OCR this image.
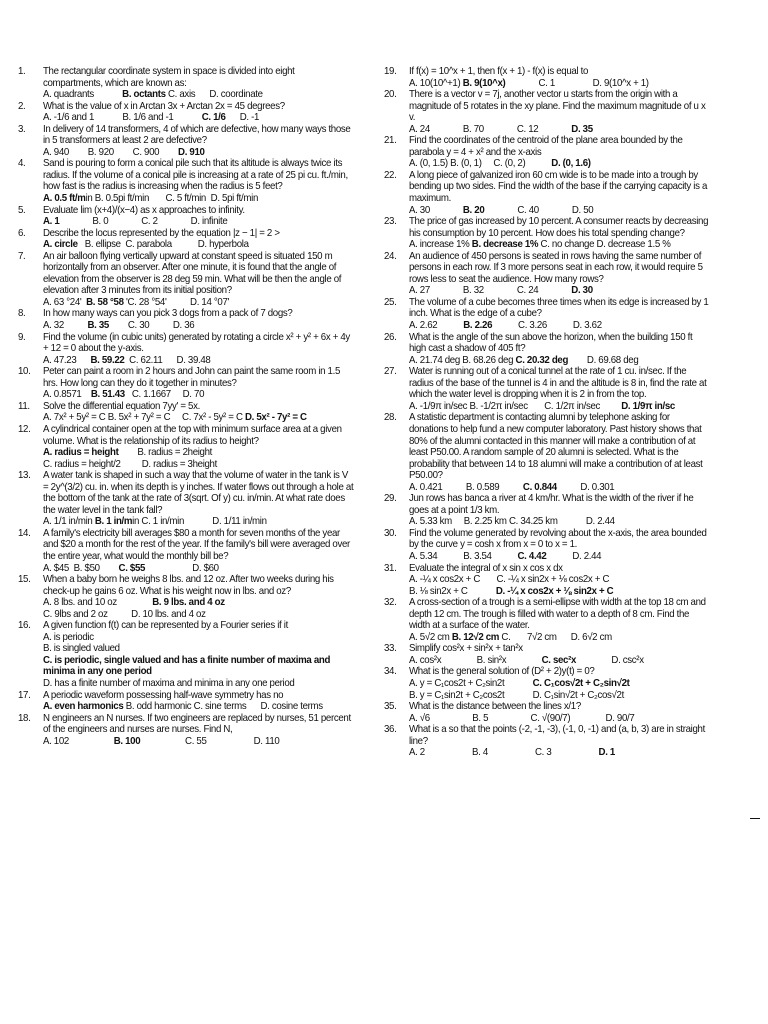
1.	The rectangular coordinate system in space is divided into eight compartments, which are known as:
A. quadrants            B. octants C. axis      D. coordinate
2.	What is the value of x in Arctan 3x + Arctan 2x = 45 degrees?
A. -1/6 and 1            B. 1/6 and -1            C. 1/6      D. -1
3.	In delivery of 14 transformers, 4 of which are defective, how many ways those in 5 transformers at least 2 are defective?
A. 940        B. 920        C. 900        D. 910
4.	Sand is pouring to form a conical pile such that its altitude is always twice its radius. If the volume of a conical pile is increasing at a rate of 25 pi cu. ft./min, how fast is the radius is increasing when the radius is 5 feet?
A. 0.5 ft/min B. 0.5pi ft/min       C. 5 ft/min  D. 5pi ft/min
5.	Evaluate lim (x+4)/(x−4) as x approaches to infinity.
A. 1              B. 0              C. 2              D. infinite
6.	Describe the locus represented by the equation |z − 1| = 2 >
A. circle   B. ellipse  C. parabola           D. hyperbola
7.	An air balloon flying vertically upward at constant speed is situated 150 m horizontally from an observer. After one minute, it is found that the angle of elevation from the observer is 28 deg 59 min. What will be then the angle of elevation after 3 minutes from its initial position?
A. 63 °24'  B. 58 °58 'C. 28 °54'          D. 14 °07'
8.	In how many ways can you pick 3 dogs from a pack of 7 dogs?
A. 32          B. 35        C. 30          D. 36
9.	Find the volume (in cubic units) generated by rotating a circle x² + y² + 6x + 4y + 12 = 0 about the y-axis.
A. 47.23      B. 59.22  C. 62.11      D. 39.48
10.	Peter can paint a room in 2 hours and John can paint the same room in 1.5 hrs. How long can they do it together in minutes?
A. 0.8571    B. 51.43   C. 1.1667     D. 70
11.	Solve the differential equation 7yy' = 5x.
A. 7x² + 5y² = C B. 5x² + 7y² = C     C. 7x² - 5y² = C D. 5x² - 7y² = C
12.	A cylindrical container open at the top with minimum surface area at a given volume. What is the relationship of its radius to height?
A. radius = height        B. radius = 2height
C. radius = height/2         D. radius = 3height
13.	A water tank is shaped in such a way that the volume of water in the tank is V = 2y^(3/2) cu. in. when its depth is y inches. If water flows out through a hole at the bottom of the tank at the rate of 3(sqrt. Of y) cu. in/min. At what rate does the water level in the tank fall?
A. 1/1 in/min B. 1 in/min C. 1 in/min            D. 1/11 in/min
14.	A family's electricity bill averages $80 a month for seven months of the year and $20 a month for the rest of the year. If the family's bill were averaged over the entire year, what would the monthly bill be?
A. $45  B. $50        C. $55                    D. $60
15.	When a baby born he weighs 8 lbs. and 12 oz. After two weeks during his check-up he gains 6 oz. What is his weight now in lbs. and oz?
A. 8 lbs. and 10 oz               B. 9 lbs. and 4 oz
C. 9lbs and 2 oz          D. 10 lbs. and 4 oz
16.	A given function f(t) can be represented by a Fourier series if it
A. is periodic
B. is singled valued
C. is periodic, single valued and has a finite number of maxima and minima in any one period
D. has a finite number of maxima and minima in any one period
17.	A periodic waveform possessing half-wave symmetry has no
A. even harmonics B. odd harmonic C. sine terms      D. cosine terms
18.	N engineers an N nurses. If two engineers are replaced by nurses, 51 percent of the engineers and nurses are nurses. Find N,
A. 102                   B. 100                   C. 55                    D. 110
19.	If f(x) = 10^x + 1, then f(x + 1) - f(x) is equal to
A. 10(10^+1) B. 9(10^x)              C. 1                D. 9(10^x + 1)
20.	There is a vector v = 7j, another vector u starts from the origin with a magnitude of 5 rotates in the xy plane. Find the maximum magnitude of u x v.
A. 24              B. 70              C. 12              D. 35
21.	Find the coordinates of the centroid of the plane area bounded by the parabola y = 4 + x² and the x-axis
A. (0, 1.5) B. (0, 1)     C. (0, 2)           D. (0, 1.6)
22.	A long piece of galvanized iron 60 cm wide is to be made into a trough by bending up two sides. Find the width of the base if the carrying capacity is a maximum.
A. 30              B. 20              C. 40              D. 50
23.	The price of gas increased by 10 percent. A consumer reacts by decreasing his consumption by 10 percent. How does his total spending change?
A. increase 1% B. decrease 1% C. no change D. decrease 1.5 %
24.	An audience of 450 persons is seated in rows having the same number of persons in each row. If 3 more persons seat in each row, it would require 5 rows less to seat the audience. How many rows?
A. 27              B. 32              C. 24              D. 30
25.	The volume of a cube becomes three times when its edge is increased by 1 inch. What is the edge of a cube?
A. 2.62           B. 2.26           C. 3.26           D. 3.62
26.	What is the angle of the sun above the horizon, when the building 150 ft high cast a shadow of 405 ft?
A. 21.74 deg B. 68.26 deg C. 20.32 deg        D. 69.68 deg
27.	Water is running out of a conical tunnel at the rate of 1 cu. in/sec. If the radius of the base of the tunnel is 4 in and the altitude is 8 in, find the rate at which the water level is dropping when it is 2 in from the top.
A. -1/9π in/sec B. -1/2π in/sec       C. 1/2π in/sec         D. 1/9π in/sc
28.	A statistic department is contacting alumni by telephone asking for donations to help fund a new computer laboratory. Past history shows that 80% of the alumni contacted in this manner will make a contribution of at least P50.00. A random sample of 20 alumni is selected. What is the probability that between 14 to 18 alumni will make a contribution of at least P50.00?
A. 0.421          B. 0.589          C. 0.844          D. 0.301
29.	Jun rows has banca a river at 4 km/hr. What is the width of the river if he goes at a point 1/3 km.
A. 5.33 km     B. 2.25 km C. 34.25 km            D. 2.44
30.	Find the volume generated by revolving about the x-axis, the area bounded by the curve y = cosh x from x = 0 to x = 1.
A. 5.34           B. 3.54           C. 4.42           D. 2.44
31.	Evaluate the integral of x sin x cos x dx
A. -¼ x cos2x + C       C. -¼ x sin2x + ⅛ cos2x + C
B. ⅛ sin2x + C	D. -¼ x cos2x + ⅛ sin2x + C
32.	A cross-section of a trough is a semi-ellipse with width at the top 18 cm and depth 12 cm. The trough is filled with water to a depth of 8 cm. Find the width at a surface of the water.
A. 5√2 cm B. 12√2 cm C.       7√2 cm      D. 6√2 cm
33.	Simplify cos²x + sin²x + tan²x
A. cos²x               B. sin²x               C. sec²x               D. csc²x
34.	What is the general solution of (D² + 2)y(t) = 0?
A. y = C₁cos2t + C₂sin2t            C. C₁cos√2t + C₂sin√2t
B. y = C₁sin2t + C₂cos2t            D. C₁sin√2t + C₂cos√2t
35.	What is the distance between the lines x/1?
A. √6                  B. 5                  C. √(90/7)               D. 90/7
36.	What is a so that the points (-2, -1, -3), (-1, 0, -1) and (a, b, 3) are in straight line?
A. 2                    B. 4                    C. 3                    D. 1
